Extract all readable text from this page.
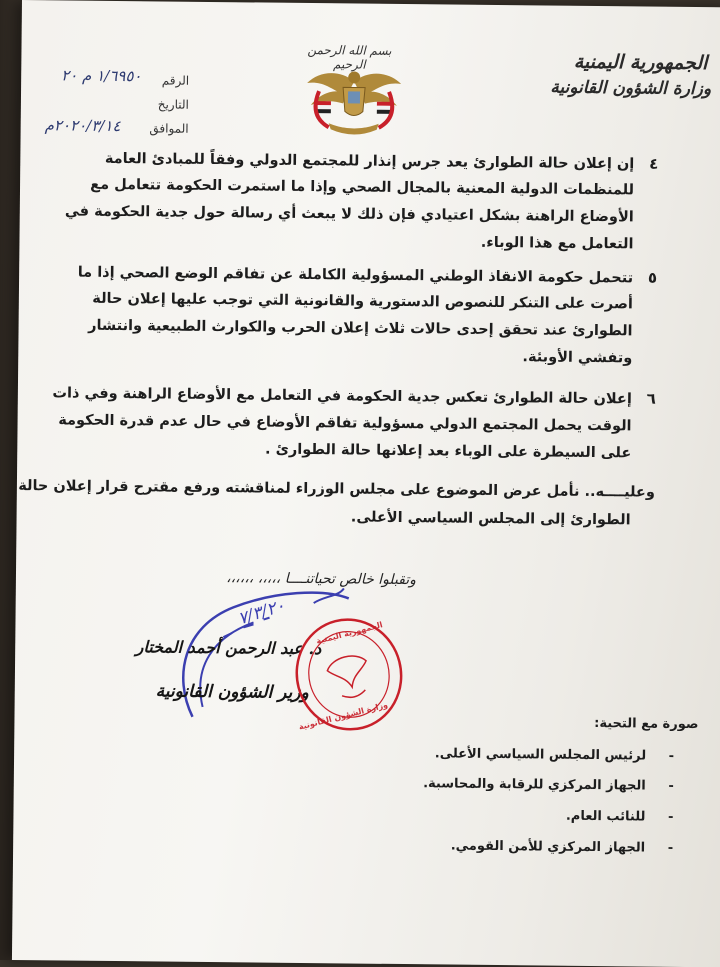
الجمهورية اليمنية
وزارة الشؤون القانونية
بسم الله الرحمن الرحيم
الرقم
١/٦٩٥٠ م ٢٠
التاريخ
الموافق
٢٠٢٠/٣/١٤م
٤
إن إعلان حالة الطوارئ يعد جرس إنذار للمجتمع الدولي وفقاً للمبادئ العامة
للمنظمات الدولية المعنية بالمجال الصحي وإذا ما استمرت الحكومة تتعامل مع
الأوضاع الراهنة بشكل اعتيادي فإن ذلك لا يبعث أي رسالة حول جدية الحكومة في
التعامل مع هذا الوباء.
٥
تتحمل حكومة الانقاذ الوطني المسؤولية الكاملة عن تفاقم الوضع الصحي إذا ما
أصرت على التنكر للنصوص الدستورية والقانونية التي توجب عليها إعلان حالة
الطوارئ عند تحقق إحدى حالات ثلاث إعلان الحرب والكوارث الطبيعية وانتشار
وتفشي الأوبئة.
٦
إعلان حالة الطوارئ تعكس جدية الحكومة في التعامل مع الأوضاع الراهنة وفي ذات
الوقت يحمل المجتمع الدولي مسؤولية تفاقم الأوضاع في حال عدم قدرة الحكومة
على السيطرة على الوباء بعد إعلانها حالة الطوارئ .
وعليــــه.. نأمل عرض الموضوع على مجلس الوزراء لمناقشته ورفع مقترح قرار إعلان حالة
الطوارئ إلى المجلس السياسي الأعلى.
وتقبلوا خالص تحياتنــــا ،،،،، ،،،،،،
٧/٣/٢٠
د. عبد الرحمن أحمد المختار
وزير الشؤون القانونية
وزارة الشؤون القانونية
الجمهورية اليمنية
صورة مع التحية:
-
لرئيس المجلس السياسي الأعلى.
-
الجهاز المركزي للرقابة والمحاسبة.
-
للنائب العام.
-
الجهاز المركزي للأمن القومي.
